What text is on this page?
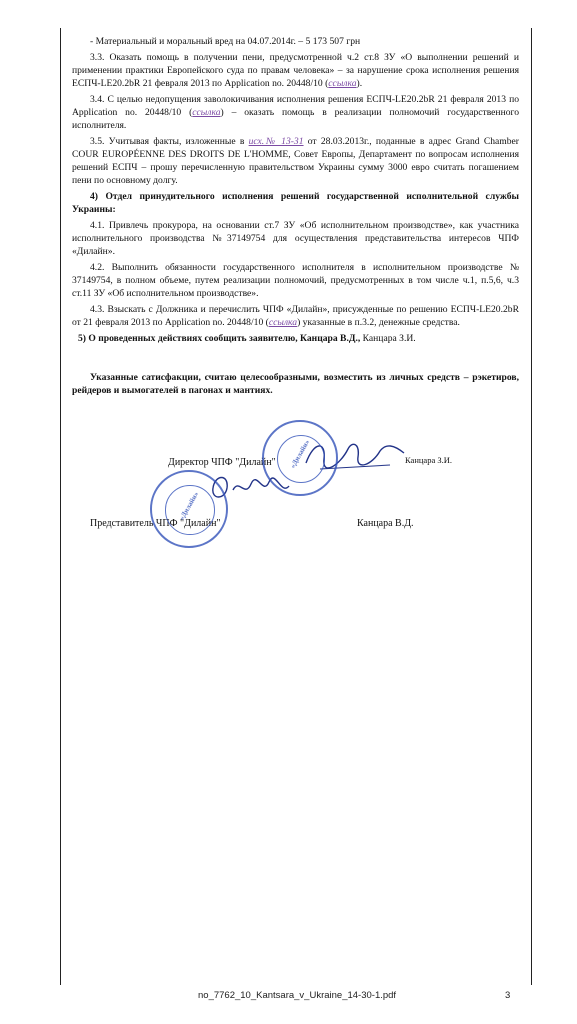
- Материальный и моральный вред на 04.07.2014г. – 5 173 507 грн

3.3. Оказать помощь в получении пени, предусмотренной ч.2 ст.8 ЗУ «О выполнении решений и применении практики Европейского суда по правам человека» – за нарушение срока исполнения решения ЕСПЧ-LE20.2bR 21 февраля 2013 по Application no. 20448/10 (ссылка).

3.4. С целью недопущения заволокичивания исполнения решения ЕСПЧ-LE20.2bR 21 февраля 2013 по Application no. 20448/10 (ссылка) – оказать помощь в реализации полномочий государственного исполнителя.

3.5. Учитывая факты, изложенные в исх.№ 13-31 от 28.03.2013г., поданные в адрес Grand Chamber COUR EUROPÉENNE DES DROITS DE L'HOMME, Совет Европы, Департамент по вопросам исполнения решений ЕСПЧ – прошу перечисленную правительством Украины сумму 3000 евро считать погашением пени по основному долгу.

4) Отдел принудительного исполнения решений государственной исполнительной службы Украины:

4.1. Привлечь прокурора, на основании ст.7 ЗУ «Об исполнительном производстве», как участника исполнительного производства №37149754 для осуществления представительства интересов ЧПФ «Дилайн».

4.2. Выполнить обязанности государственного исполнителя в исполнительном производстве № 37149754, в полном объеме, путем реализации полномочий, предусмотренных в том числе ч.1, п.5,6, ч.3 ст.11 ЗУ «Об исполнительном производстве».

4.3. Взыскать с Должника и перечислить ЧПФ «Дилайн», присужденные по решению ЕСПЧ-LE20.2bR от 21 февраля 2013 по Application no. 20448/10 (ссылка) указанные в п.3.2, денежные средства.

5) О проведенных действиях сообщить заявителю, Канцара В.Д., Канцара З.И.

Указанные сатисфакции, считаю целесообразными, возместить из личных средств – рэкетиров, рейдеров и вымогателей в пагонах и мантиях.

Директор ЧПФ "Дилайн"	Канцара З.И.
Представитель ЧПФ "Дилайн"	Канцара В.Д.
«Дилайн»
«Дилайн»
no_7762_10_Kantsara_v_Ukraine_14-30-1.pdf	3
